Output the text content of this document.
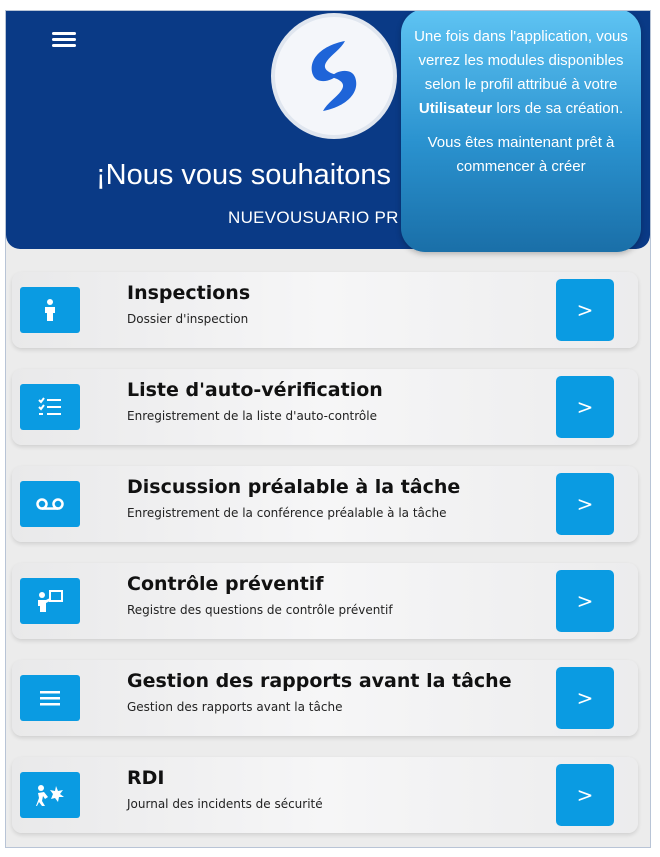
¡Nous vous souhaitons
NUEVOUSUARIO PR

Une fois dans l'application, vous verrez les modules disponibles selon le profil attribué à votre Utilisateur lors de sa création.

Vous êtes maintenant prêt à commencer à créer

Inspections
Dossier d'inspection	>
Liste d'auto-vérification
Enregistrement de la liste d'auto-contrôle	>
Discussion préalable à la tâche
Enregistrement de la conférence préalable à la tâche	>
Contrôle préventif
Registre des questions de contrôle préventif	>
Gestion des rapports avant la tâche
Gestion des rapports avant la tâche	>
RDI
Journal des incidents de sécurité	>
